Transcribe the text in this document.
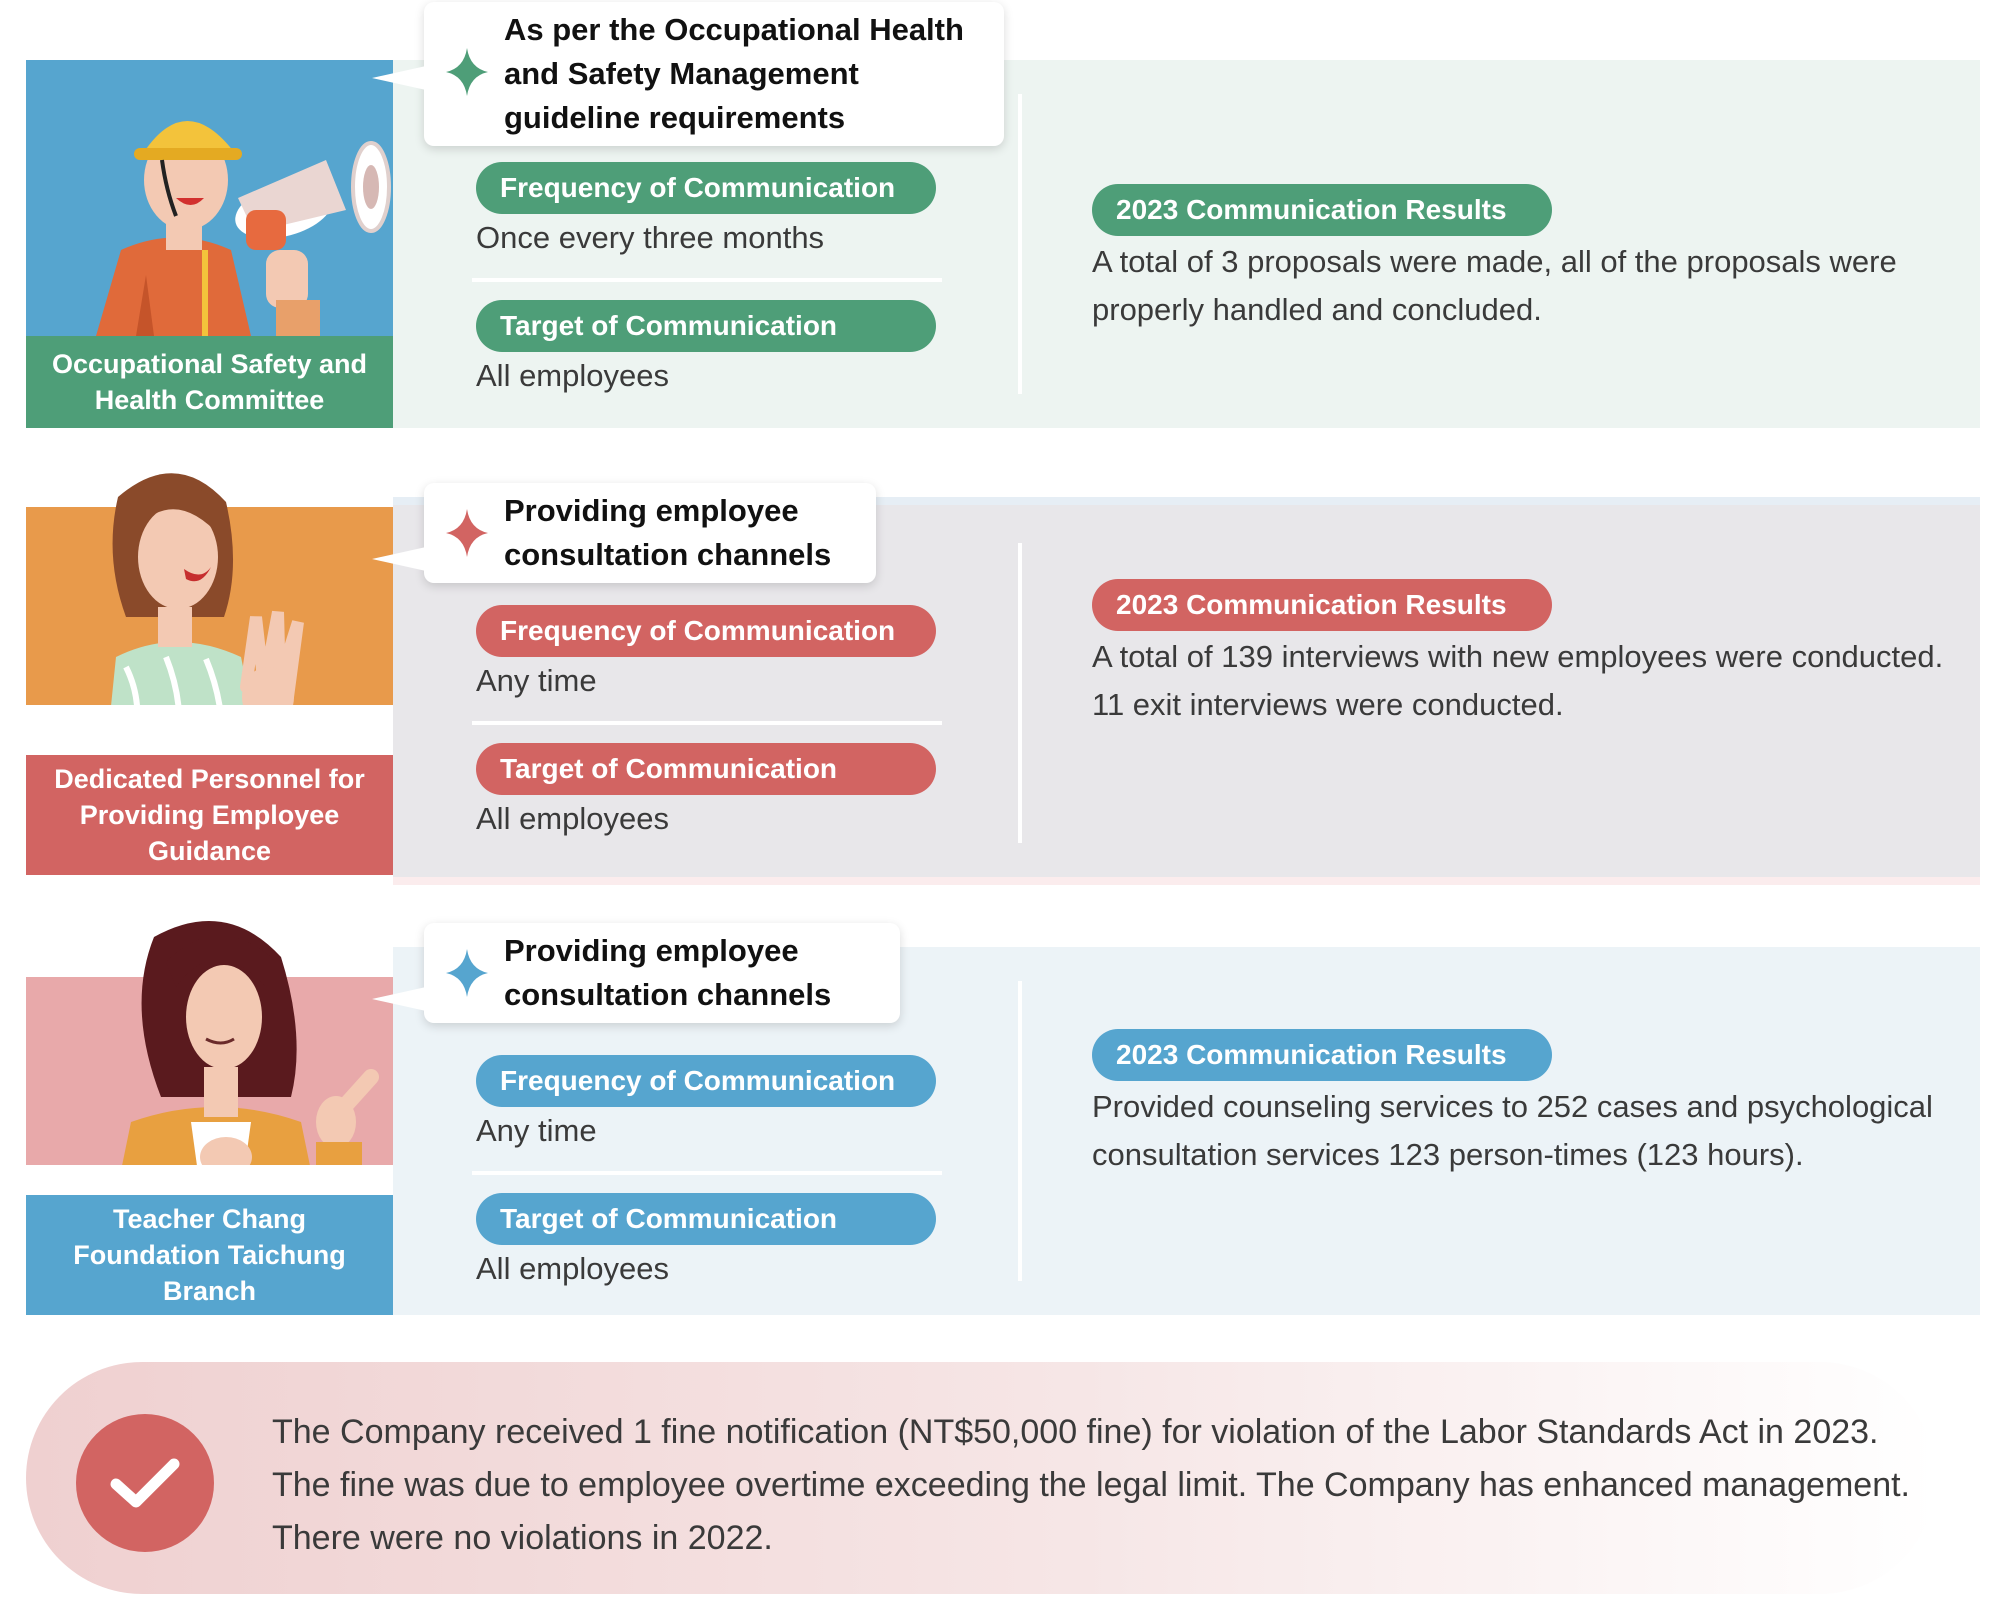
Occupational Safety and Health Committee
As per the Occupational Health and Safety Management guideline requirements
Frequency of Communication
Once every three months
Target of Communication
All employees
2023 Communication Results
A total of 3 proposals were made, all of the proposals were properly handled and concluded.
Dedicated Personnel for Providing Employee Guidance
Providing employee consultation channels
Frequency of Communication
Any time
Target of Communication
All employees
2023 Communication Results
A total of 139 interviews with new employees were conducted.
11 exit interviews were conducted.
Teacher Chang Foundation Taichung Branch
Providing employee consultation channels
Frequency of Communication
Any time
Target of Communication
All employees
2023 Communication Results
Provided counseling services to 252 cases and psychological consultation services 123 person-times (123 hours).
The Company received 1 fine notification (NT$50,000 fine) for violation of the Labor Standards Act in 2023. The fine was due to employee overtime exceeding the legal limit. The Company has enhanced management. There were no violations in 2022.
